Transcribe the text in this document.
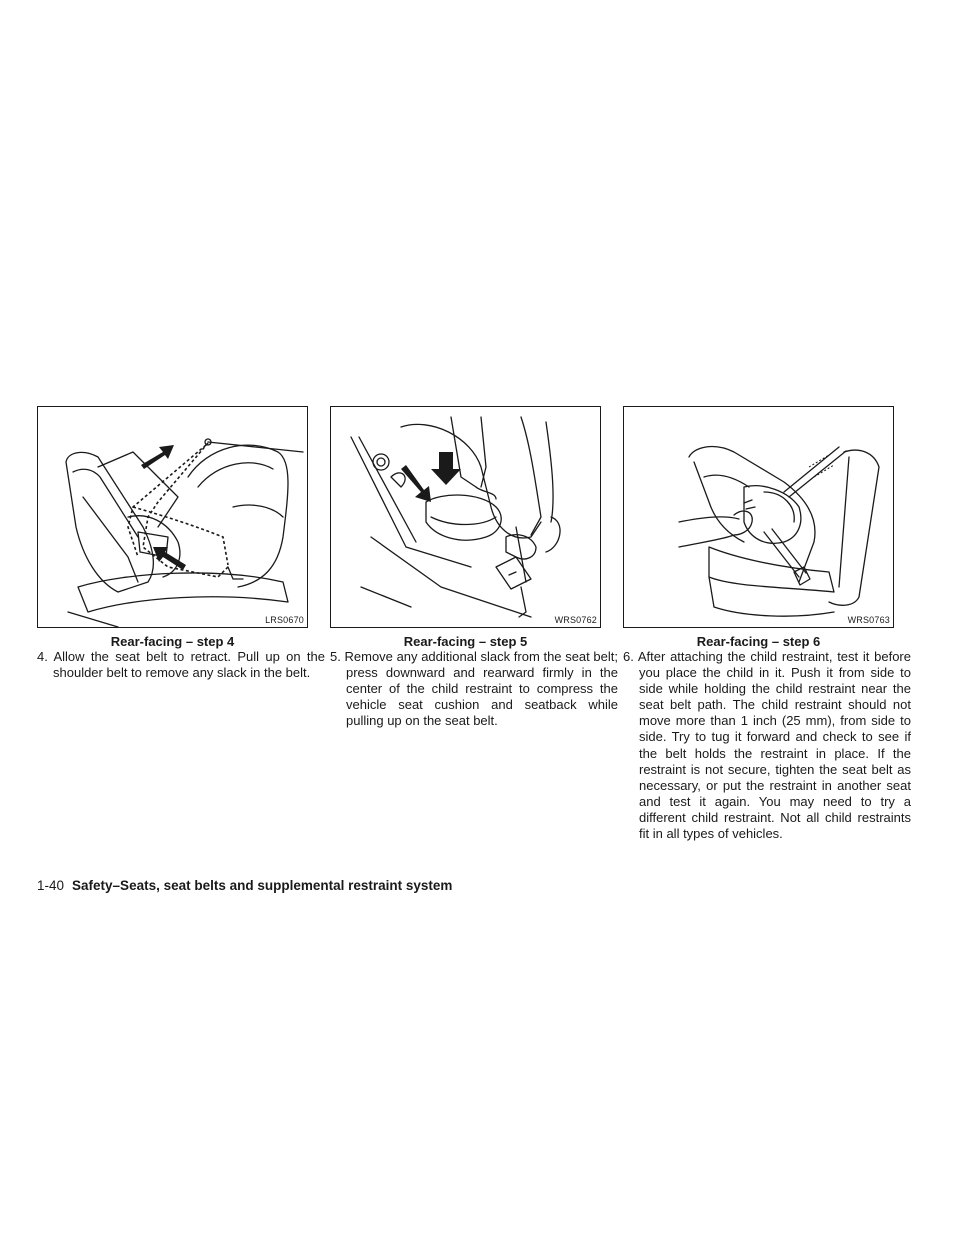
LRS0670
Rear-facing – step 4
4. Allow the seat belt to retract. Pull up on the shoulder belt to remove any slack in the belt.
WRS0762
Rear-facing – step 5
5. Remove any additional slack from the seat belt; press downward and rearward firmly in the center of the child restraint to compress the vehicle seat cushion and seatback while pulling up on the seat belt.
WRS0763
Rear-facing – step 6
6. After attaching the child restraint, test it before you place the child in it. Push it from side to side while holding the child restraint near the seat belt path. The child restraint should not move more than 1 inch (25 mm), from side to side. Try to tug it forward and check to see if the belt holds the restraint in place. If the restraint is not secure, tighten the seat belt as necessary, or put the restraint in another seat and test it again. You may need to try a different child restraint. Not all child restraints fit in all types of vehicles.
1-40 Safety–Seats, seat belts and supplemental restraint system
